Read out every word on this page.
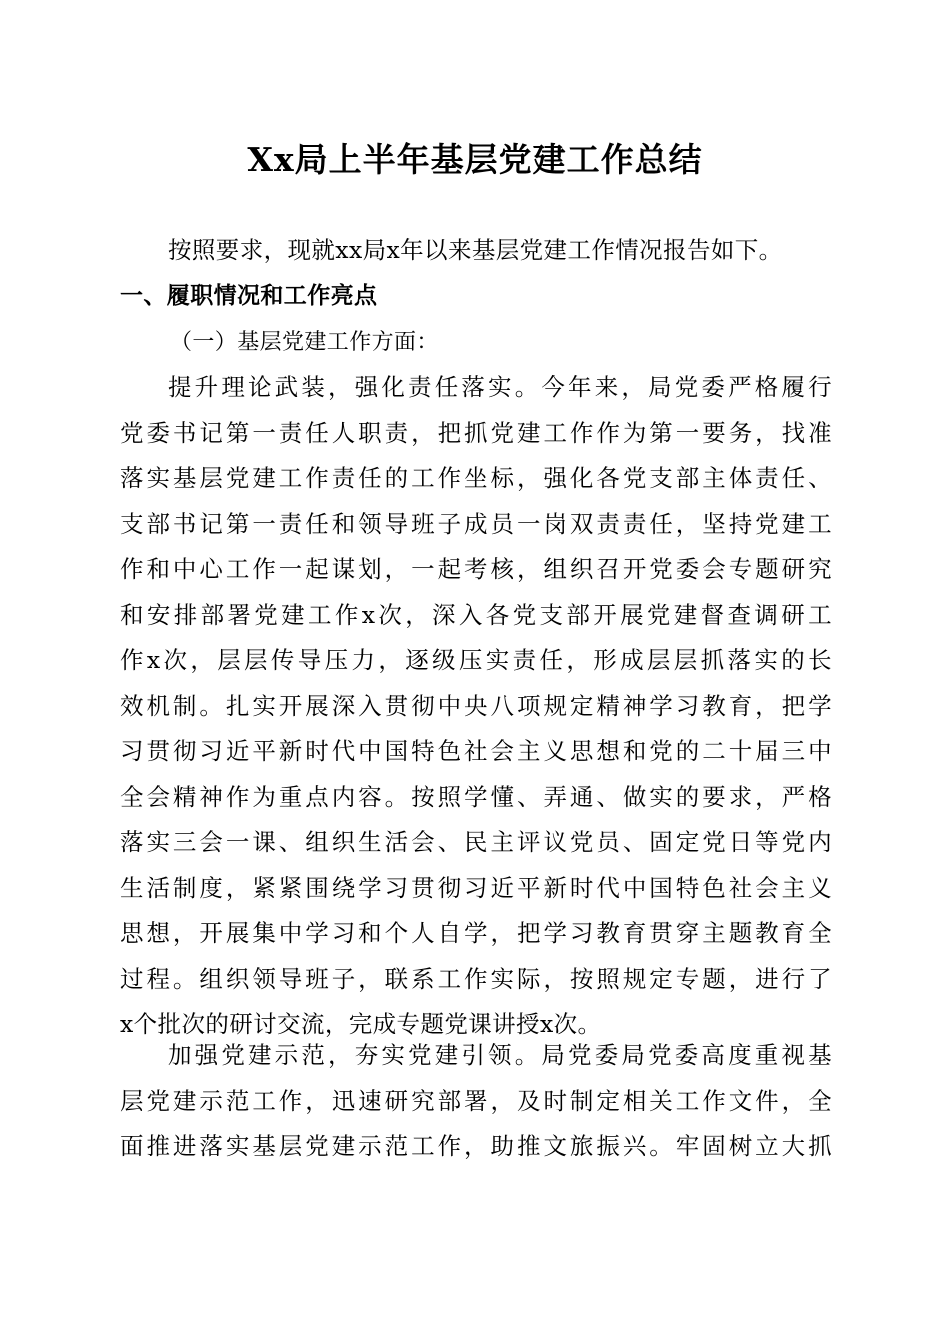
Xx局上半年基层党建工作总结
按照要求，现就xx局x年以来基层党建工作情况报告如下。
一、履职情况和工作亮点
（一）基层党建工作方面：
提升理论武装，强化责任落实。今年来，局党委严格履行
党委书记第一责任人职责，把抓党建工作作为第一要务，找准
落实基层党建工作责任的工作坐标，强化各党支部主体责任、
支部书记第一责任和领导班子成员一岗双责责任，坚持党建工
作和中心工作一起谋划，一起考核，组织召开党委会专题研究
和安排部署党建工作x次，深入各党支部开展党建督查调研工
作x次，层层传导压力，逐级压实责任，形成层层抓落实的长
效机制。扎实开展深入贯彻中央八项规定精神学习教育，把学
习贯彻习近平新时代中国特色社会主义思想和党的二十届三中
全会精神作为重点内容。按照学懂、弄通、做实的要求，严格
落实三会一课、组织生活会、民主评议党员、固定党日等党内
生活制度，紧紧围绕学习贯彻习近平新时代中国特色社会主义
思想，开展集中学习和个人自学，把学习教育贯穿主题教育全
过程。组织领导班子，联系工作实际，按照规定专题，进行了
x个批次的研讨交流，完成专题党课讲授x次。
加强党建示范，夯实党建引领。局党委局党委高度重视基
层党建示范工作，迅速研究部署，及时制定相关工作文件，全
面推进落实基层党建示范工作，助推文旅振兴。牢固树立大抓
